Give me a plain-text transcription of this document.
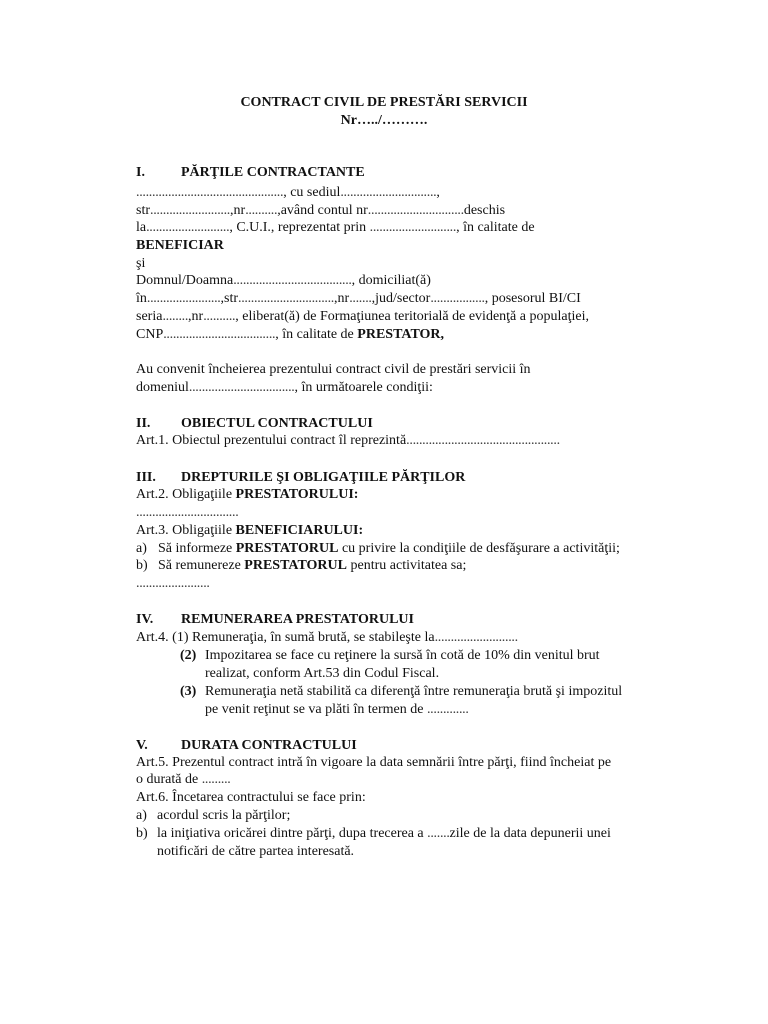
CONTRACT CIVIL DE PRESTĂRI SERVICII
Nr…../……….
I.	PĂRŢILE CONTRACTANTE
.............................................., cu sediul..............................,
str.........................,nr..........,având contul nr..............................deschis
la.........................., C.U.I., reprezentat prin ..........................., în calitate de
BENEFICIAR
şi
Domnul/Doamna....................................., domiciliat(ă)
în.......................,str..............................,nr.......,jud/sector................., posesorul BI/CI
seria........,nr.........., eliberat(ă) de Formaţiunea teritorială de evidenţă a populaţiei,
CNP..................................., în calitate de PRESTATOR,
Au convenit încheierea prezentului contract civil de prestări servicii în
domeniul................................., în următoarele condiţii:
II. OBIECTUL CONTRACTULUI
Art.1. Obiectul prezentului contract îl reprezintă................................................
III. DREPTURILE ŞI OBLIGAŢIILE PĂRŢILOR
Art.2. Obligaţiile PRESTATORULUI:
................................
Art.3. Obligaţiile BENEFICIARULUI:
a) Să informeze PRESTATORUL cu privire la condiţiile de desfăşurare a activităţii;
b) Să remunereze PRESTATORUL pentru activitatea sa;
.......................
IV. REMUNERAREA PRESTATORULUI
Art.4. (1) Remuneraţia, în sumă brută, se stabileşte la..........................
(2) Impozitarea se face cu reţinere la sursă în cotă de 10% din venitul brut
realizat, conform Art.53 din Codul Fiscal.
(3) Remuneraţia netă stabilită ca diferenţă între remuneraţia brută şi impozitul
pe venit reţinut se va plăti în termen de .............
V. DURATA CONTRACTULUI
Art.5. Prezentul contract intră în vigoare la data semnării între părţi, fiind încheiat pe
o durată de .........
Art.6. Încetarea contractului se face prin:
a) acordul scris la părţilor;
b) la iniţiativa oricărei dintre părţi, dupa trecerea a .......zile de la data depunerii unei
notificări de către partea interesată.
